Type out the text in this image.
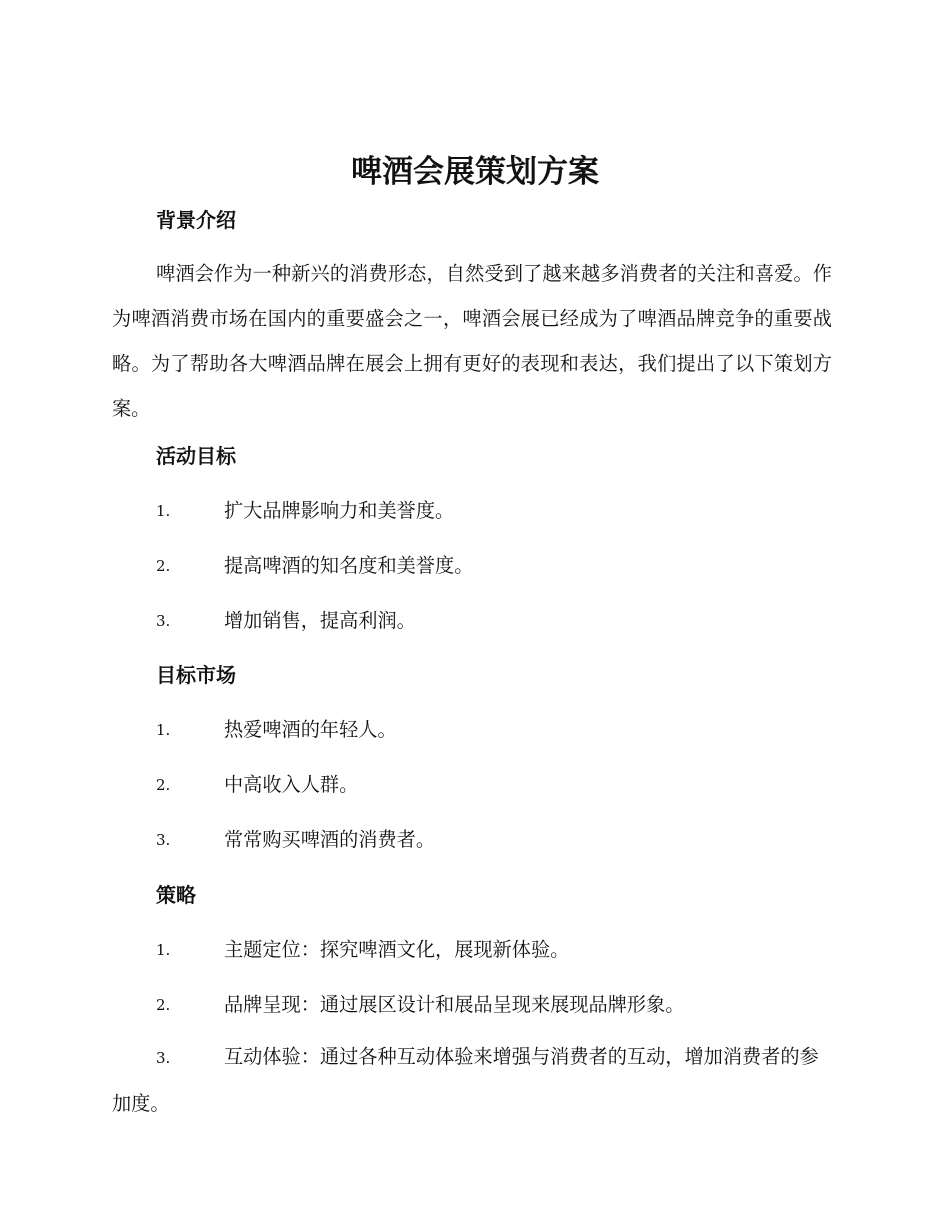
啤酒会展策划方案
背景介绍

啤酒会作为一种新兴的消费形态，自然受到了越来越多消费者的关注和喜爱。作为啤酒消费市场在国内的重要盛会之一，啤酒会展已经成为了啤酒品牌竞争的重要战略。为了帮助各大啤酒品牌在展会上拥有更好的表现和表达，我们提出了以下策划方案。

活动目标
1.	扩大品牌影响力和美誉度。
2.	提高啤酒的知名度和美誉度。
3.	增加销售，提高利润。
目标市场
1.	热爱啤酒的年轻人。
2.	中高收入人群。
3.	常常购买啤酒的消费者。
策略
1.	主题定位：探究啤酒文化，展现新体验。
2.	品牌呈现：通过展区设计和展品呈现来展现品牌形象。

3.	互动体验：通过各种互动体验来增强与消费者的互动，增加消费者的参加度。
